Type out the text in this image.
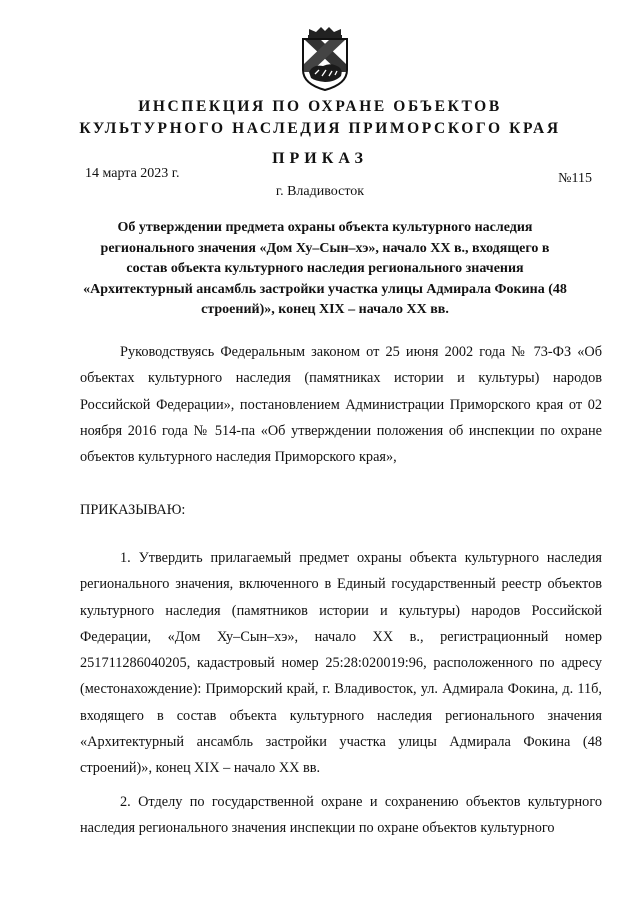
ИНСПЕКЦИЯ ПО ОХРАНЕ ОБЪЕКТОВ
КУЛЬТУРНОГО НАСЛЕДИЯ ПРИМОРСКОГО КРАЯ
ПРИКАЗ
14 марта 2023 г.	№115
г. Владивосток
Об утверждении предмета охраны объекта культурного наследия регионального значения «Дом Ху–Сын–хэ», начало XX в., входящего в состав объекта культурного наследия регионального значения «Архитектурный ансамбль застройки участка улицы Адмирала Фокина (48 строений)», конец XIX – начало XX вв.
Руководствуясь Федеральным законом от 25 июня 2002 года № 73-ФЗ «Об объектах культурного наследия (памятниках истории и культуры) народов Российской Федерации», постановлением Администрации Приморского края от 02 ноября 2016 года № 514-па «Об утверждении положения об инспекции по охране объектов культурного наследия Приморского края»,
ПРИКАЗЫВАЮ:
1. Утвердить прилагаемый предмет охраны объекта культурного наследия регионального значения, включенного в Единый государственный реестр объектов культурного наследия (памятников истории и культуры) народов Российской Федерации, «Дом Ху–Сын–хэ», начало XX в., регистрационный номер 251711286040205, кадастровый номер 25:28:020019:96, расположенного по адресу (местонахождение): Приморский край, г. Владивосток, ул. Адмирала Фокина, д. 11б, входящего в состав объекта культурного наследия регионального значения «Архитектурный ансамбль застройки участка улицы Адмирала Фокина (48 строений)», конец XIX – начало XX вв.
2. Отделу по государственной охране и сохранению объектов культурного наследия регионального значения инспекции по охране объектов культурного
